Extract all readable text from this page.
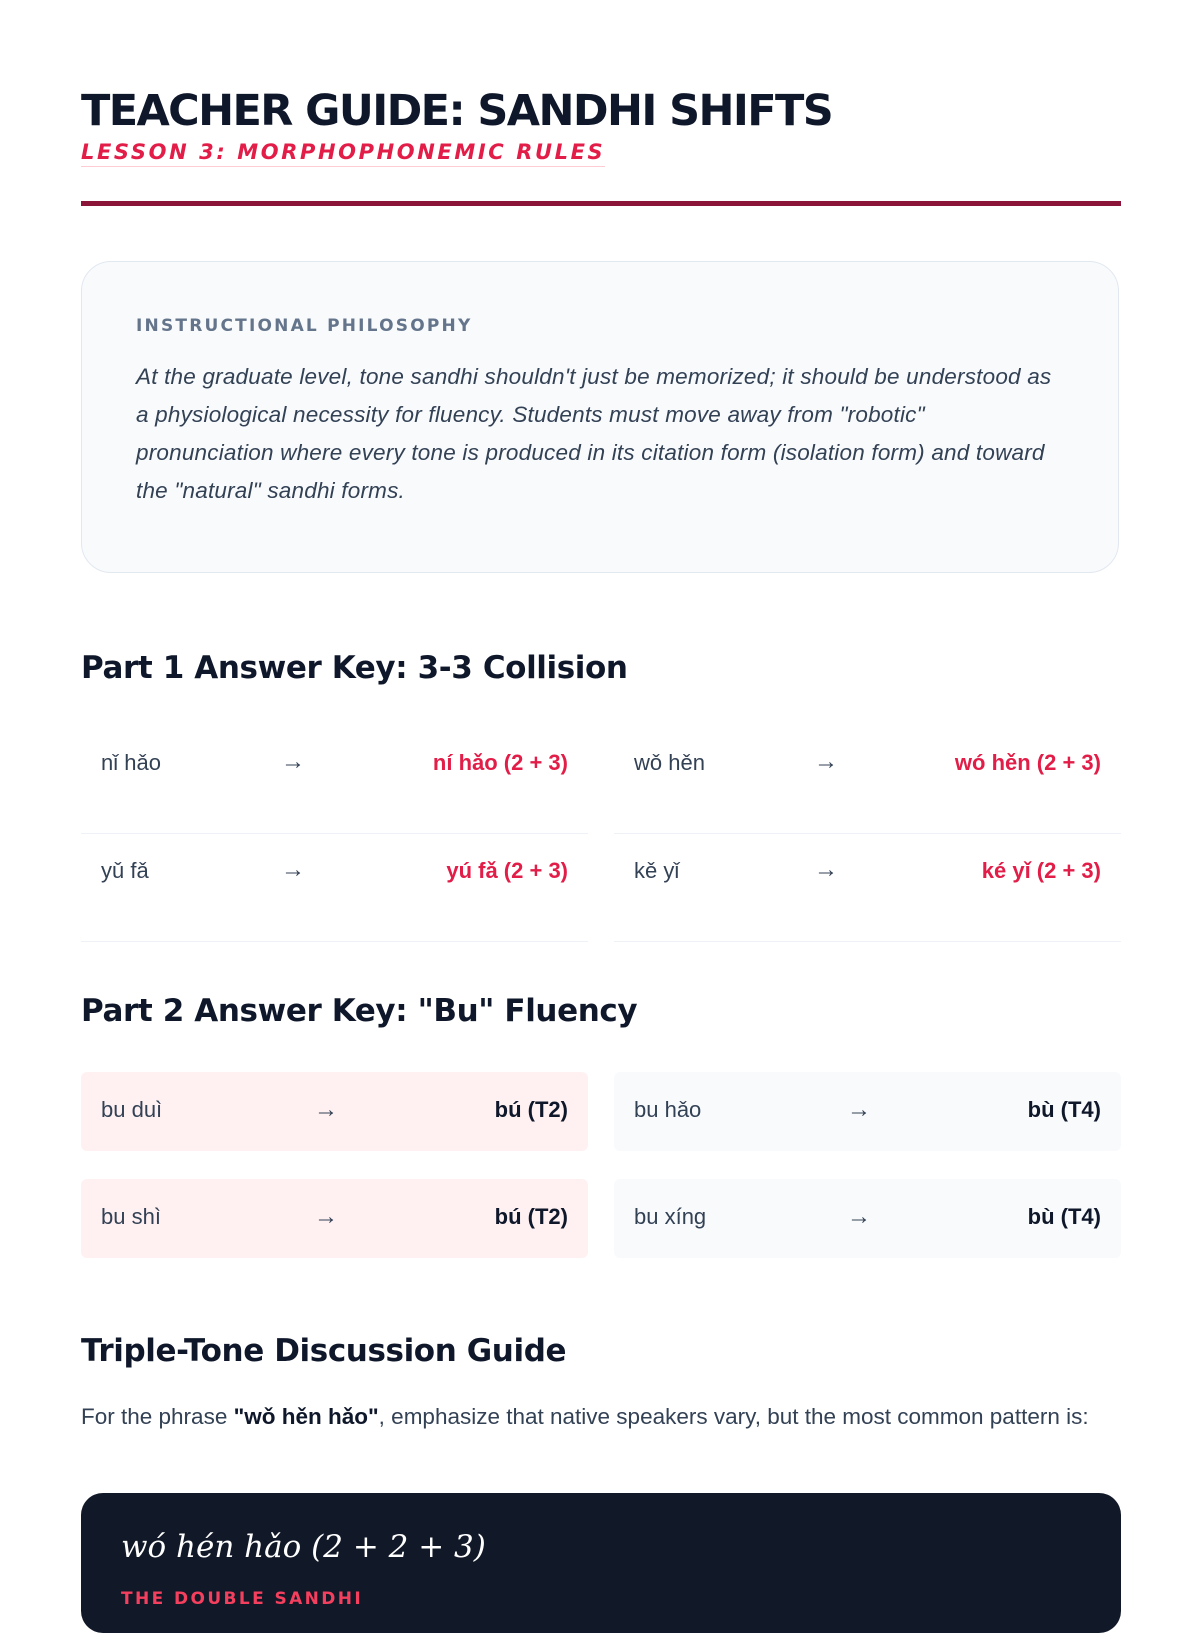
TEACHER GUIDE: SANDHI SHIFTS
LESSON 3: MORPHOPHONEMIC RULES
INSTRUCTIONAL PHILOSOPHY
At the graduate level, tone sandhi shouldn't just be memorized; it should be understood as a physiological necessity for fluency. Students must move away from "robotic" pronunciation where every tone is produced in its citation form (isolation form) and toward the "natural" sandhi forms.
Part 1 Answer Key: 3-3 Collision
nǐ hǎo	→	ní hǎo (2 + 3)	wǒ hěn	→	wó hěn (2 + 3)
yǔ fǎ	→	yú fǎ (2 + 3)	kě yǐ	→	ké yǐ (2 + 3)
Part 2 Answer Key: "Bu" Fluency
bu duì	→	bú (T2)	bu hǎo	→	bù (T4)
bu shì	→	bú (T2)	bu xíng	→	bù (T4)
Triple-Tone Discussion Guide

For the phrase "wǒ hěn hǎo", emphasize that native speakers vary, but the most common pattern is:

wó hén hǎo (2 + 2 + 3)
THE DOUBLE SANDHI
